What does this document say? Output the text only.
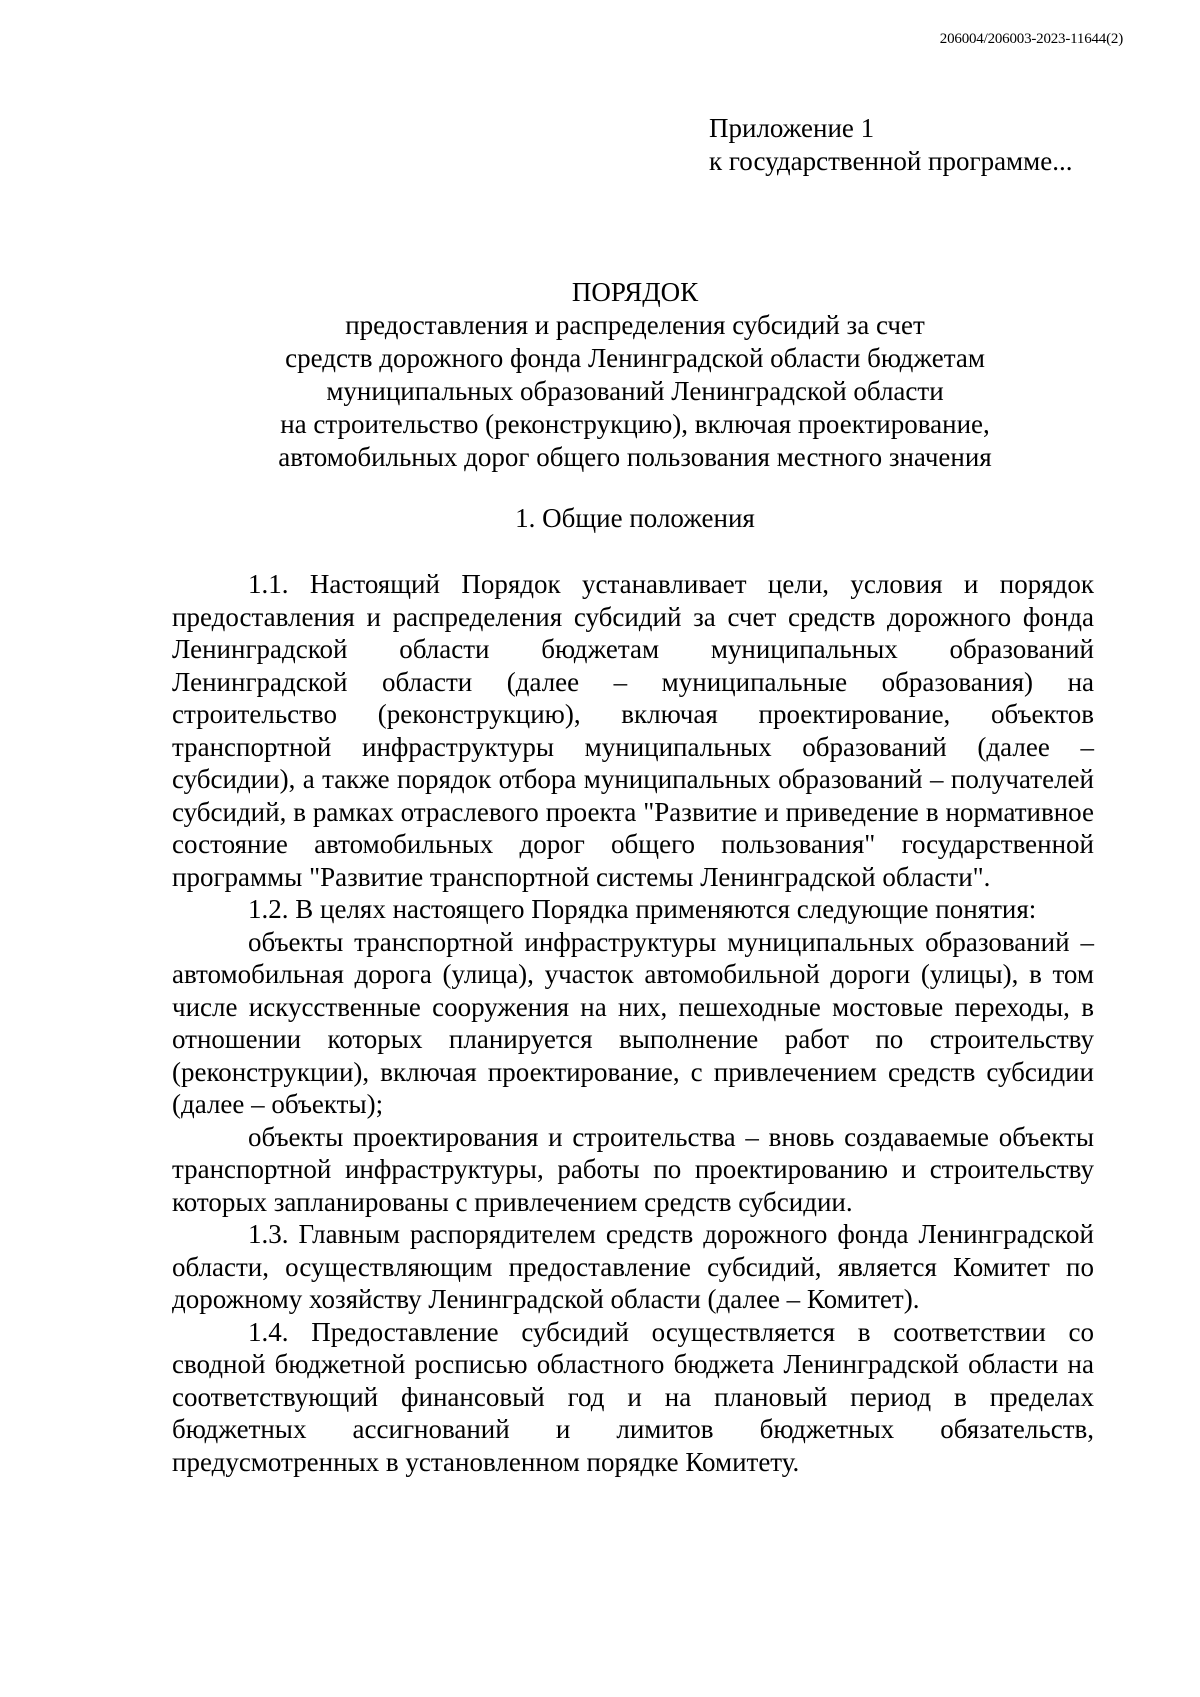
206004/206003-2023-11644(2)
Приложение 1
к государственной программе...
ПОРЯДОК
предоставления и распределения субсидий за счет
средств дорожного фонда Ленинградской области бюджетам
муниципальных образований Ленинградской области
на строительство (реконструкцию), включая проектирование,
автомобильных дорог общего пользования местного значения
1. Общие положения

1.1. Настоящий Порядок устанавливает цели, условия и порядок предоставления и распределения субсидий за счет средств дорожного фонда Ленинградской области бюджетам муниципальных образований Ленинградской области (далее – муниципальные образования) на строительство (реконструкцию), включая проектирование, объектов транспортной инфраструктуры муниципальных образований (далее – субсидии), а также порядок отбора муниципальных образований – получателей субсидий, в рамках отраслевого проекта "Развитие и приведение в нормативное состояние автомобильных дорог общего пользования" государственной программы "Развитие транспортной системы Ленинградской области".

1.2. В целях настоящего Порядка применяются следующие понятия:

объекты транспортной инфраструктуры муниципальных образований – автомобильная дорога (улица), участок автомобильной дороги (улицы), в том числе искусственные сооружения на них, пешеходные мостовые переходы, в отношении которых планируется выполнение работ по строительству (реконструкции), включая проектирование, с привлечением средств субсидии (далее – объекты);

объекты проектирования и строительства – вновь создаваемые объекты транспортной инфраструктуры, работы по проектированию и строительству которых запланированы с привлечением средств субсидии.

1.3. Главным распорядителем средств дорожного фонда Ленинградской области, осуществляющим предоставление субсидий, является Комитет по дорожному хозяйству Ленинградской области (далее – Комитет).

1.4. Предоставление субсидий осуществляется в соответствии со сводной бюджетной росписью областного бюджета Ленинградской области на соответствующий финансовый год и на плановый период в пределах бюджетных ассигнований и лимитов бюджетных обязательств, предусмотренных в установленном порядке Комитету.
